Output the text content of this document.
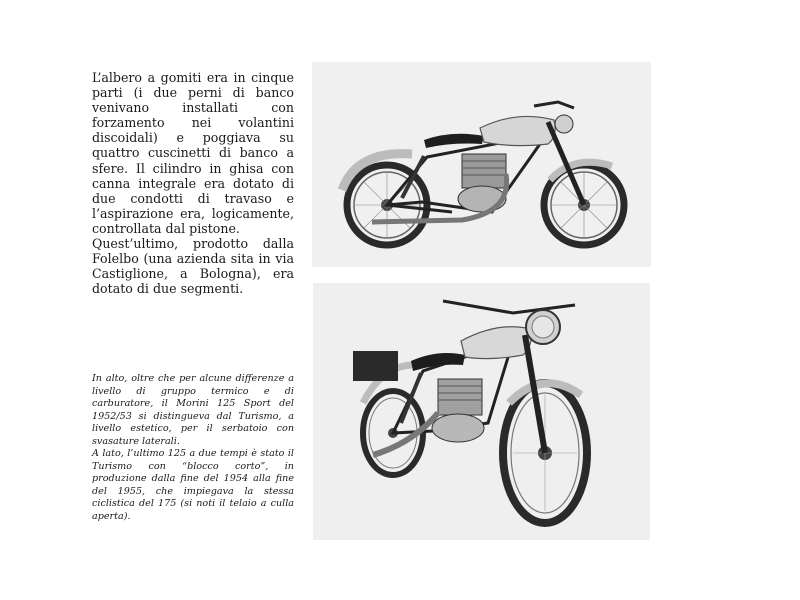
L’albero a gomiti era in cinque parti (i due perni di banco venivano installati con forzamento nei volantini discoidali) e poggiava su quattro cuscinetti di banco a sfere. Il cilindro in ghisa con canna integrale era dotato di due condotti di travaso e l’aspirazione era, logicamente, controllata dal pistone.

Quest’ultimo, prodotto dalla Folelbo (una azienda sita in via Castiglione, a Bologna), era dotato di due segmenti.

In alto, oltre che per alcune differenze a livello di gruppo termico e di carburatore, il Morini 125 Sport del 1952/53 si distingueva dal Turismo, a livello estetico, per il serbatoio con svasature laterali.

A lato, l’ultimo 125 a due tempi è stato il Turismo con “blocco corto”, in produzione dalla fine del 1954 alla fine del 1955, che impiegava la stessa ciclistica del 175 (si noti il telaio a culla aperta).
